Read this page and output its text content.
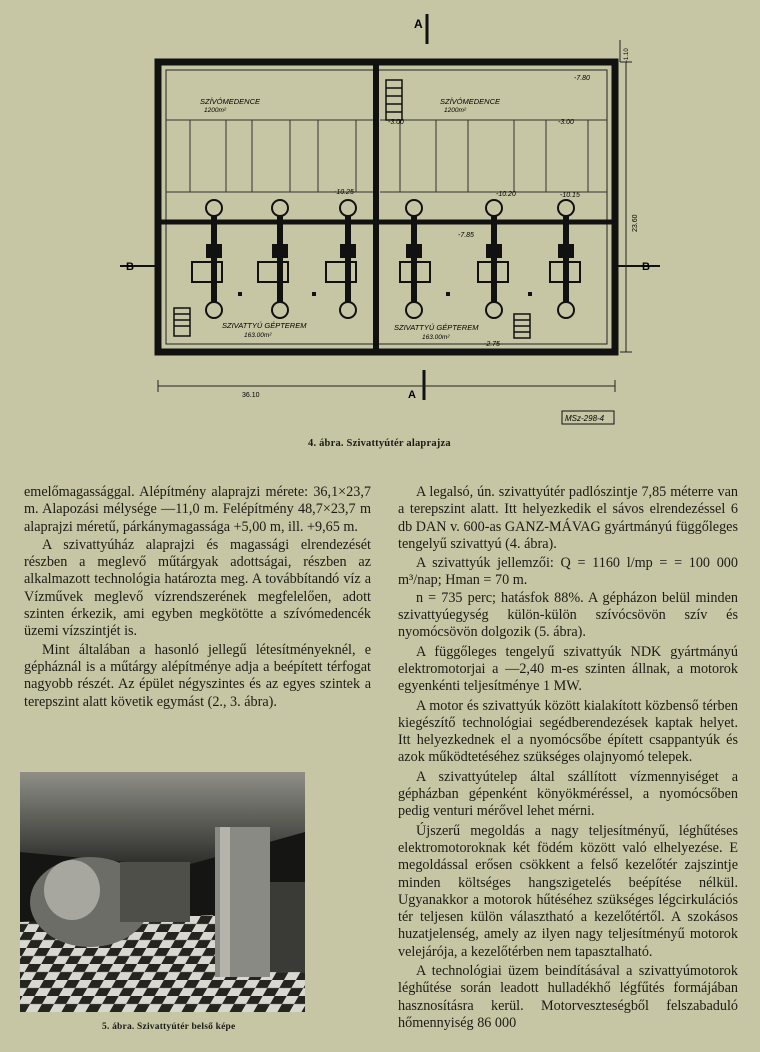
A
SZÍVÓMEDENCE
1200m²
SZÍVÓMEDENCE
1200m²
SZIVATTYÚ GÉPTEREM
163.00m²
SZIVATTYÚ GÉPTEREM
163.00m²
-7.80
-3.00	-3.00
-10.25	-10.20	-10.15
-7.85
-2.75
B	B
A
36.10
23.60
-1.10
MSz-298-4
4. ábra. Szivattyútér alaprajza

emelőmagassággal. Alépítmény alaprajzi mérete: 36,1×23,7 m. Alapozási mélysége —11,0 m. Felépítmény 48,7×23,7 m alaprajzi méretű, párkánymagassága +5,00 m, ill. +9,65 m.

A szivattyúház alaprajzi és magassági elrendezését részben a meglevő műtárgyak adottságai, részben az alkalmazott technológia határozta meg. A továbbítandó víz a Vízművek meglevő vízrendszerének megfelelően, adott szinten érkezik, ami egyben megkötötte a szívómedencék üzemi vízszintjét is.

Mint általában a hasonló jellegű létesítményeknél, e gépháznál is a műtárgy alépítménye adja a beépített térfogat nagyobb részét. Az épület négyszintes és az egyes szintek a terepszint alatt követik egymást (2., 3. ábra).

5. ábra. Szivattyútér belső képe

A legalsó, ún. szivattyútér padlószintje 7,85 méterre van a terepszint alatt. Itt helyezkedik el sávos elrendezéssel 6 db DAN v. 600-as GANZ-MÁVAG gyártmányú függőleges tengelyű szivattyú (4. ábra).

A szivattyúk jellemzői: Q = 1160 l/mp = = 100 000 m³/nap; Hman = 70 m.

n = 735 perc; hatásfok 88%. A gépházon belül minden szivattyúegység külön-külön szívócsövön szív és nyomócsövön dolgozik (5. ábra).

A függőleges tengelyű szivattyúk NDK gyártmányú elektromotorjai a —2,40 m-es szinten állnak, a motorok egyenkénti teljesítménye 1 MW.

A motor és szivattyúk között kialakított közbenső térben kiegészítő technológiai segédberendezések kaptak helyet. Itt helyezkednek el a nyomócsőbe épített csappantyúk és azok működtetéséhez szükséges olajnyomó telepek.

A szivattyútelep által szállított vízmennyiséget a gépházban gépenként könyökméréssel, a nyomócsőben pedig venturi mérővel lehet mérni.

Újszerű megoldás a nagy teljesítményű, léghűtéses elektromotoroknak két födém között való elhelyezése. E megoldással erősen csökkent a felső kezelőtér zajszintje minden költséges hangszigetelés beépítése nélkül. Ugyanakkor a motorok hűtéséhez szükséges légcirkulációs tér teljesen külön választható a kezelőtértől. A szokásos huzatjelenség, amely az ilyen nagy teljesítményű motorok velejárója, a kezelőtérben nem tapasztalható.

A technológiai üzem beindításával a szivattyúmotorok léghűtése során leadott hulladékhő légfűtés formájában hasznosításra kerül. Motorveszteségből felszabaduló hőmennyiség 86 000
